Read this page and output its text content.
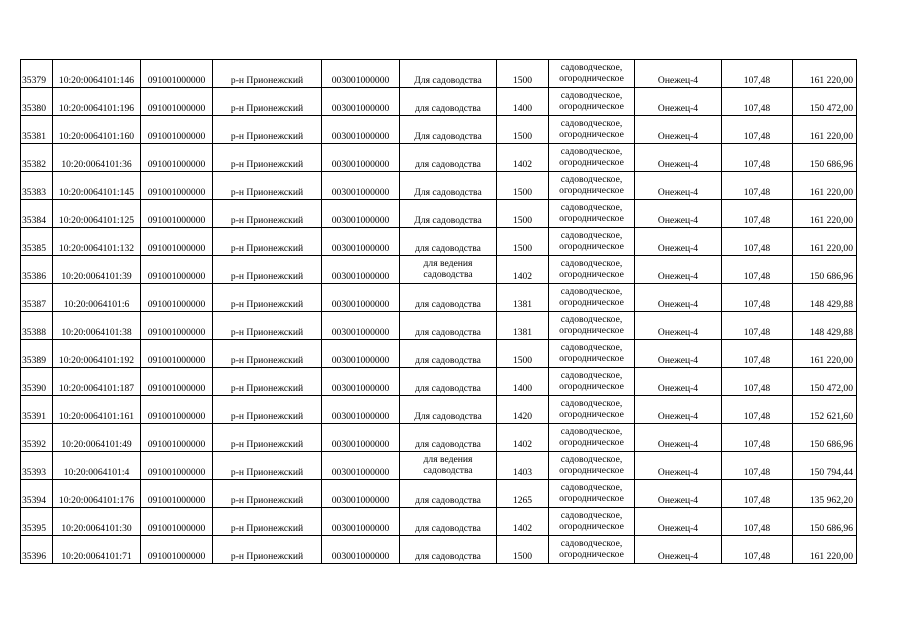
35379	10:20:0064101:146	091001000000	р-н Прионежский	003001000000	Для садоводства	1500	садоводческое,
огородническое	Онежец-4	107,48	161 220,00
35380	10:20:0064101:196	091001000000	р-н Прионежский	003001000000	для садоводства	1400	садоводческое,
огородническое	Онежец-4	107,48	150 472,00
35381	10:20:0064101:160	091001000000	р-н Прионежский	003001000000	Для садоводства	1500	садоводческое,
огородническое	Онежец-4	107,48	161 220,00
35382	10:20:0064101:36	091001000000	р-н Прионежский	003001000000	для садоводства	1402	садоводческое,
огородническое	Онежец-4	107,48	150 686,96
35383	10:20:0064101:145	091001000000	р-н Прионежский	003001000000	Для садоводства	1500	садоводческое,
огородническое	Онежец-4	107,48	161 220,00
35384	10:20:0064101:125	091001000000	р-н Прионежский	003001000000	Для садоводства	1500	садоводческое,
огородническое	Онежец-4	107,48	161 220,00
35385	10:20:0064101:132	091001000000	р-н Прионежский	003001000000	для садоводства	1500	садоводческое,
огородническое	Онежец-4	107,48	161 220,00
35386	10:20:0064101:39	091001000000	р-н Прионежский	003001000000	для ведения
садоводства	1402	садоводческое,
огородническое	Онежец-4	107,48	150 686,96
35387	10:20:0064101:6	091001000000	р-н Прионежский	003001000000	для садоводства	1381	садоводческое,
огородническое	Онежец-4	107,48	148 429,88
35388	10:20:0064101:38	091001000000	р-н Прионежский	003001000000	для садоводства	1381	садоводческое,
огородническое	Онежец-4	107,48	148 429,88
35389	10:20:0064101:192	091001000000	р-н Прионежский	003001000000	для садоводства	1500	садоводческое,
огородническое	Онежец-4	107,48	161 220,00
35390	10:20:0064101:187	091001000000	р-н Прионежский	003001000000	для садоводства	1400	садоводческое,
огородническое	Онежец-4	107,48	150 472,00
35391	10:20:0064101:161	091001000000	р-н Прионежский	003001000000	Для садоводства	1420	садоводческое,
огородническое	Онежец-4	107,48	152 621,60
35392	10:20:0064101:49	091001000000	р-н Прионежский	003001000000	для садоводства	1402	садоводческое,
огородническое	Онежец-4	107,48	150 686,96
35393	10:20:0064101:4	091001000000	р-н Прионежский	003001000000	для ведения
садоводства	1403	садоводческое,
огородническое	Онежец-4	107,48	150 794,44
35394	10:20:0064101:176	091001000000	р-н Прионежский	003001000000	для садоводства	1265	садоводческое,
огородническое	Онежец-4	107,48	135 962,20
35395	10:20:0064101:30	091001000000	р-н Прионежский	003001000000	для садоводства	1402	садоводческое,
огородническое	Онежец-4	107,48	150 686,96
35396	10:20:0064101:71	091001000000	р-н Прионежский	003001000000	для садоводства	1500	садоводческое,
огородническое	Онежец-4	107,48	161 220,00
